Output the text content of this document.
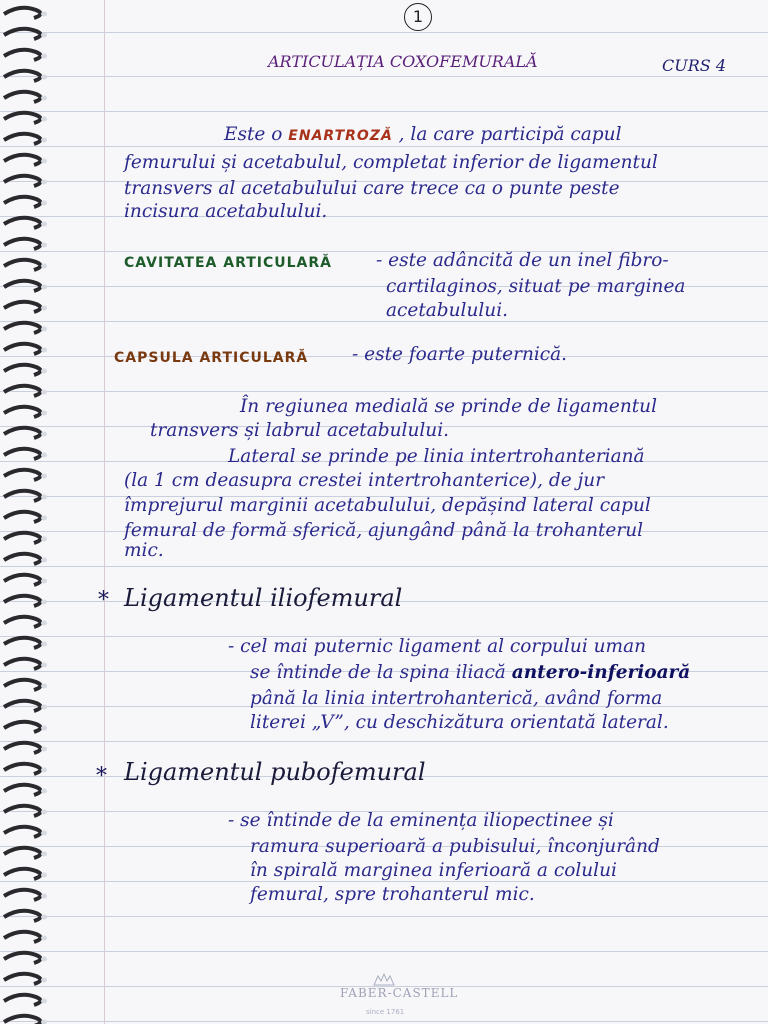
1
ARTICULAȚIA COXOFEMURALĂ	CURS 4
Este o ENARTROZĂ , la care participă capul
femurului și acetabulul, completat inferior de ligamentul
transvers al acetabulului care trece ca o punte peste
incisura acetabulului.
CAVITATEA ARTICULARĂ - este adâncită de un inel fibro-
cartilaginos, situat pe marginea
acetabulului.
CAPSULA ARTICULARĂ - este foarte puternică.
În regiunea medială se prinde de ligamentul
transvers și labrul acetabulului.
Lateral se prinde pe linia intertrohanteriană
(la 1 cm deasupra crestei intertrohanterice), de jur
împrejurul marginii acetabulului, depășind lateral capul
femural de formă sferică, ajungând până la trohanterul
mic.
* Ligamentul iliofemural
- cel mai puternic ligament al corpului uman
se întinde de la spina iliacă antero-inferioară
până la linia intertrohanterică, având forma
literei „V”, cu deschizătura orientată lateral.
* Ligamentul pubofemural
- se întinde de la eminența iliopectinee și
ramura superioară a pubisului, înconjurând
în spirală marginea inferioară a colului
femural, spre trohanterul mic.
FABER-CASTELL
since 1761
